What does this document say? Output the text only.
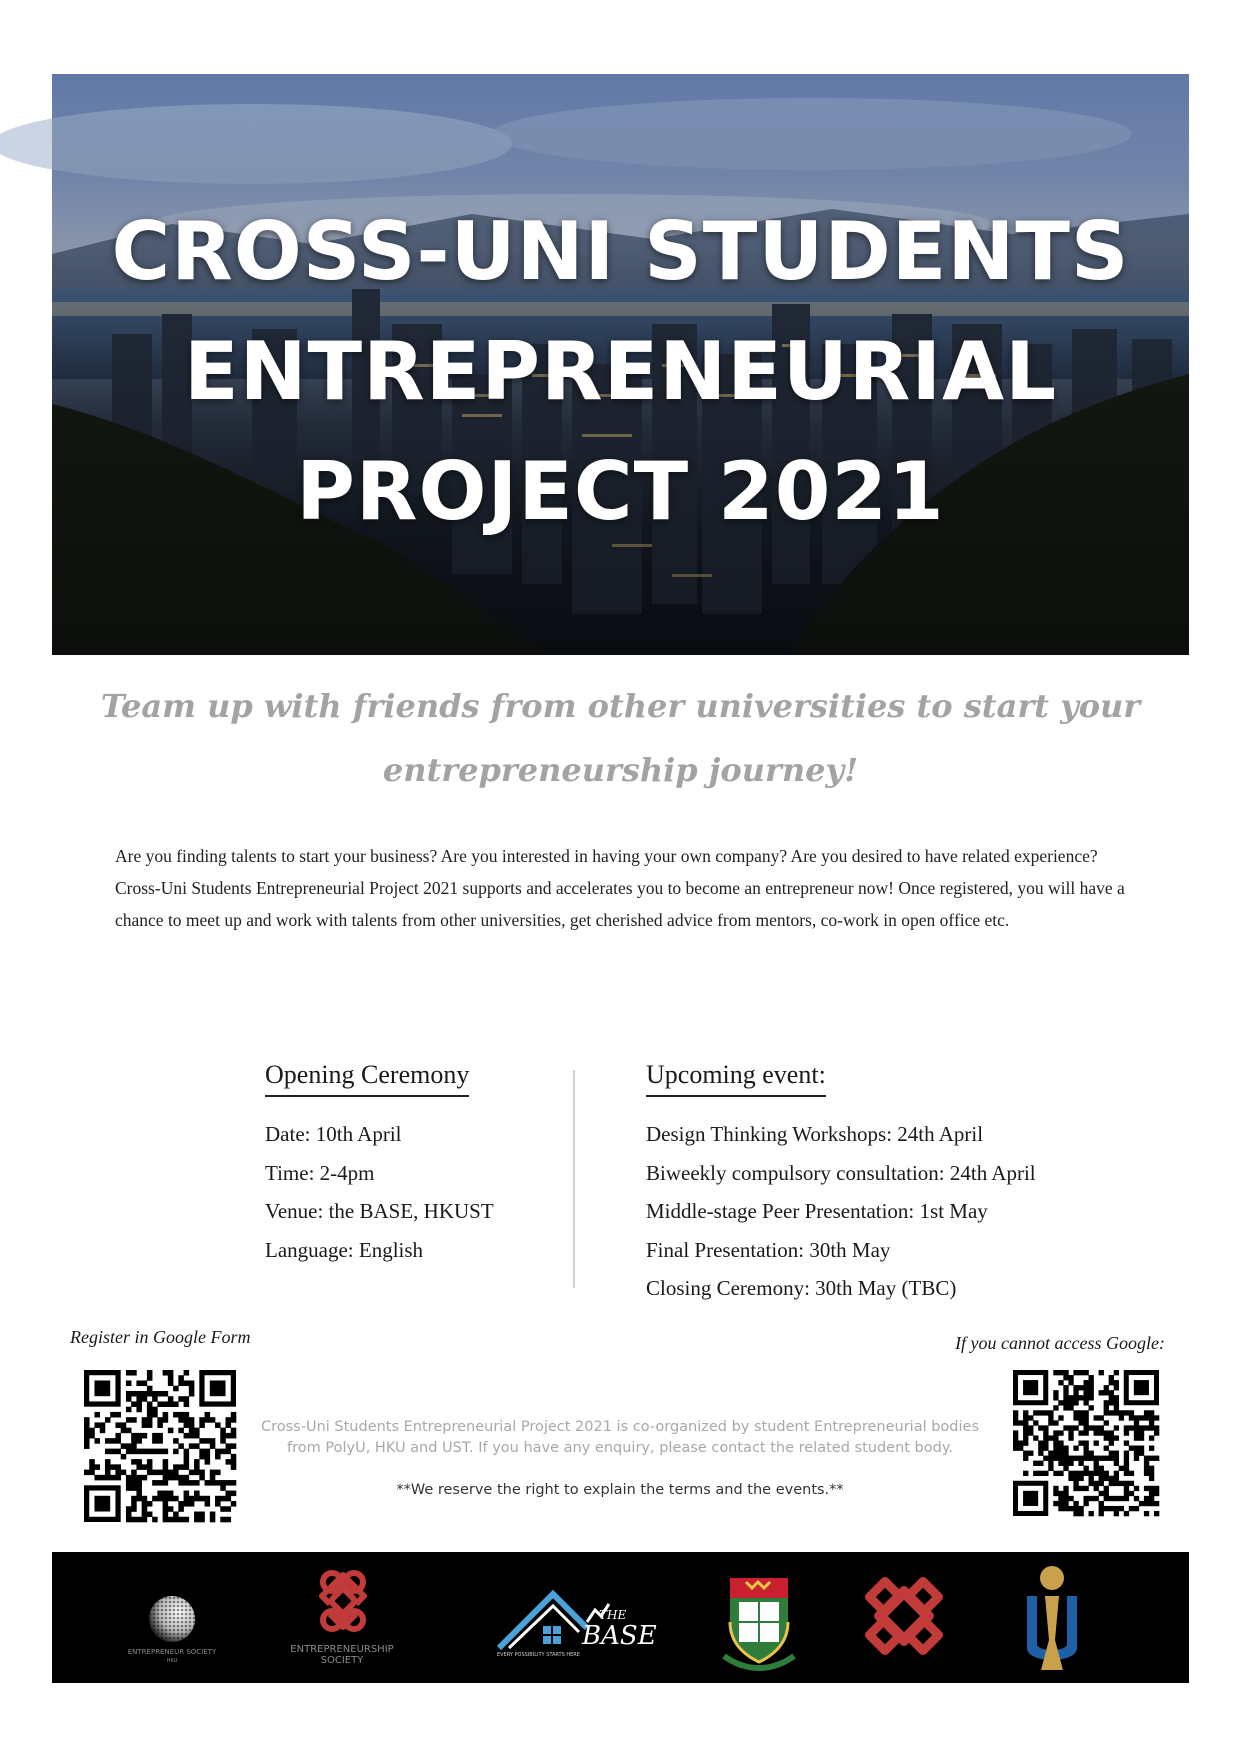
CROSS-UNI STUDENTS
ENTREPRENEURIAL
PROJECT 2021
Team up with friends from other universities to start your
entrepreneurship journey!

Are you finding talents to start your business? Are you interested in having your own company? Are you desired to have related experience?

Cross-Uni Students Entrepreneurial Project 2021 supports and accelerates you to become an entrepreneur now! Once registered, you will have a chance to meet up and work with talents from other universities, get cherished advice from mentors, co-work in open office etc.

Opening Ceremony
Date: 10th April
Time: 2-4pm
Venue: the BASE, HKUST
Language: English
Upcoming event:
Design Thinking Workshops: 24th April
Biweekly compulsory consultation: 24th April
Middle-stage Peer Presentation: 1st May
Final Presentation: 30th May
Closing Ceremony: 30th May (TBC)
Register in Google Form	If you cannot access Google:
Cross-Uni Students Entrepreneurial Project 2021 is co-organized by student Entrepreneurial bodies from PolyU, HKU and UST. If you have any enquiry, please contact the related student body.
**We reserve the right to explain the terms and the events.**
ENTREPRENEUR SOCIETY
HKU
ENTREPRENEURSHIP
SOCIETY
THE
BASE
EVERY POSSIBILITY STARTS HERE
